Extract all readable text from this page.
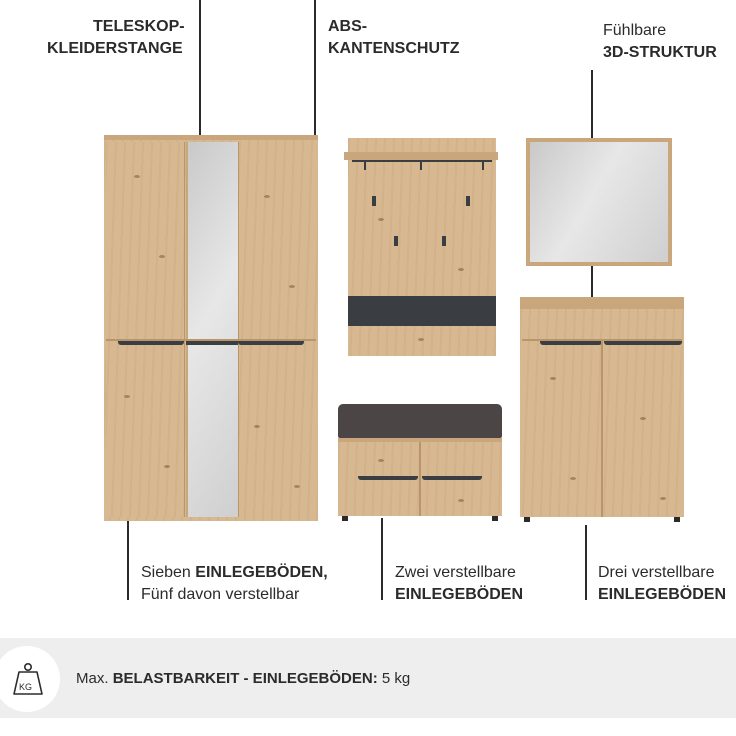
TELESKOP-
KLEIDERSTANGE
ABS-
KANTENSCHUTZ
Fühlbare
3D-STRUKTUR
Sieben EINLEGEBÖDEN,
Fünf davon verstellbar
Zwei verstellbare
EINLEGEBÖDEN
Drei verstellbare
EINLEGEBÖDEN
KG	Max. BELASTBARKEIT - EINLEGEBÖDEN: 5 kg
